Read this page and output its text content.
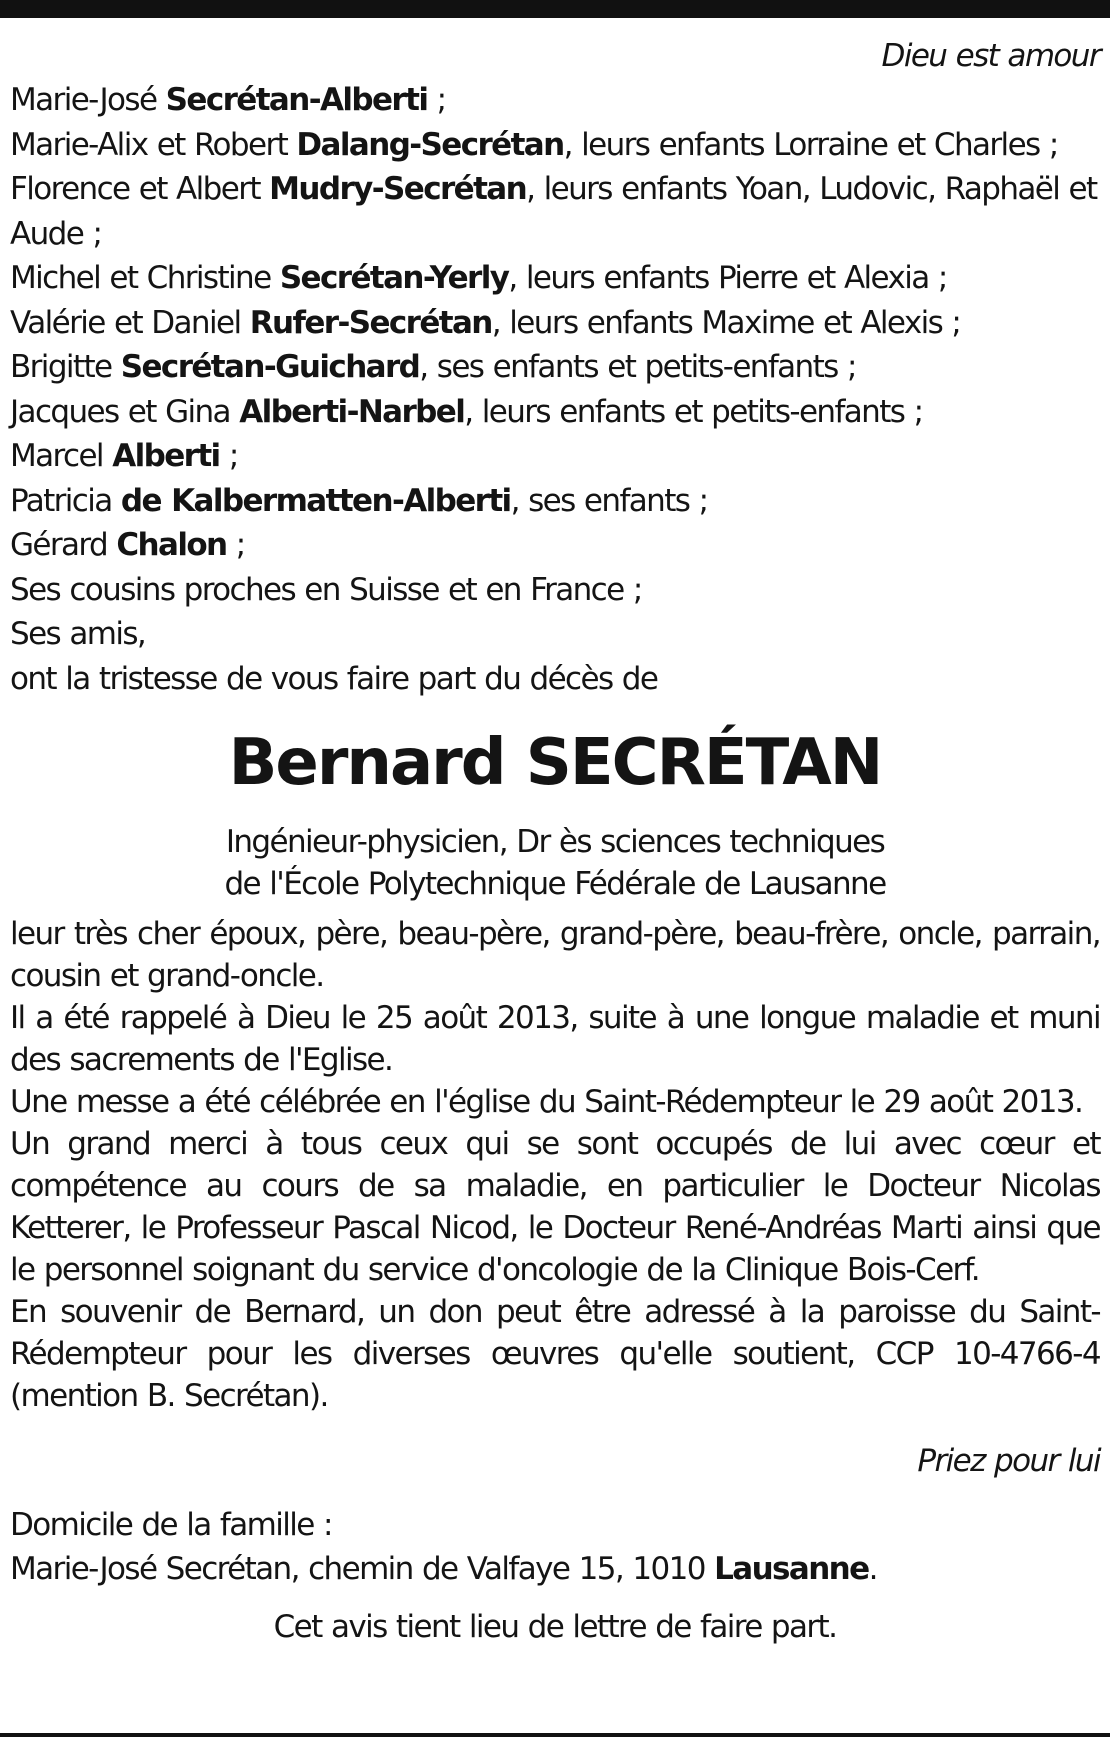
Dieu est amour

Marie-José Secrétan-Alberti ;

Marie-Alix et Robert Dalang-Secrétan, leurs enfants Lorraine et Charles ;

Florence et Albert Mudry-Secrétan, leurs enfants Yoan, Ludovic, Raphaël et Aude ;

Michel et Christine Secrétan-Yerly, leurs enfants Pierre et Alexia ;

Valérie et Daniel Rufer-Secrétan, leurs enfants Maxime et Alexis ;

Brigitte Secrétan-Guichard, ses enfants et petits-enfants ;

Jacques et Gina Alberti-Narbel, leurs enfants et petits-enfants ;

Marcel Alberti ;

Patricia de Kalbermatten-Alberti, ses enfants ;

Gérard Chalon ;

Ses cousins proches en Suisse et en France ;

Ses amis,

ont la tristesse de vous faire part du décès de

Bernard SECRÉTAN

Ingénieur-physicien, Dr ès sciences techniques

de l'École Polytechnique Fédérale de Lausanne

leur très cher époux, père, beau-père, grand-père, beau-frère, oncle, parrain, cousin et grand-oncle.

Il a été rappelé à Dieu le 25 août 2013, suite à une longue maladie et muni des sacrements de l'Eglise.

Une messe a été célébrée en l'église du Saint-Rédempteur le 29 août 2013.

Un grand merci à tous ceux qui se sont occupés de lui avec cœur et compétence au cours de sa maladie, en particulier le Docteur Nicolas Ketterer, le Professeur Pascal Nicod, le Docteur René-Andréas Marti ainsi que le personnel soignant du service d'oncologie de la Clinique Bois-Cerf.

En souvenir de Bernard, un don peut être adressé à la paroisse du Saint-Rédempteur pour les diverses œuvres qu'elle soutient, CCP 10-4766-4 (mention B. Secrétan).

Priez pour lui

Domicile de la famille :

Marie-José Secrétan, chemin de Valfaye 15, 1010 Lausanne.

Cet avis tient lieu de lettre de faire part.
